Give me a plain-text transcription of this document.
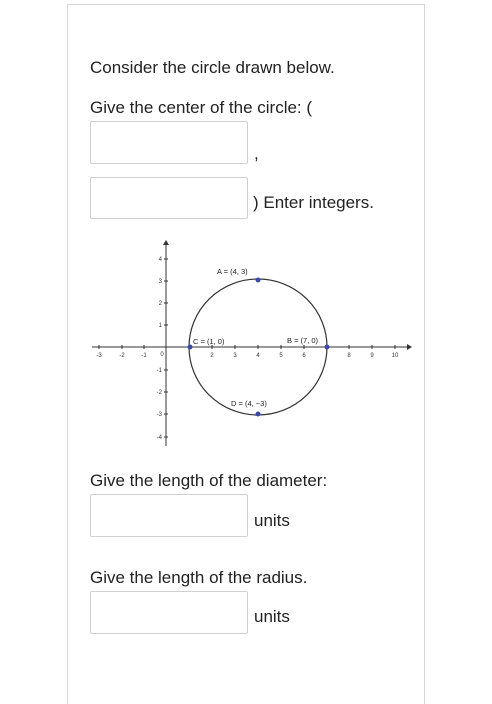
Consider the circle drawn below.
Give the center of the circle: (
,
) Enter integers.
-3	-2	-1 0	2	3	4	5	6	8	9	10
4
3
2
1
-1
-2
-3
-4
A = (4, 3)
B = (7, 0)
C = (1, 0)
D = (4, −3)
Give the length of the diameter:
units
Give the length of the radius.
units
